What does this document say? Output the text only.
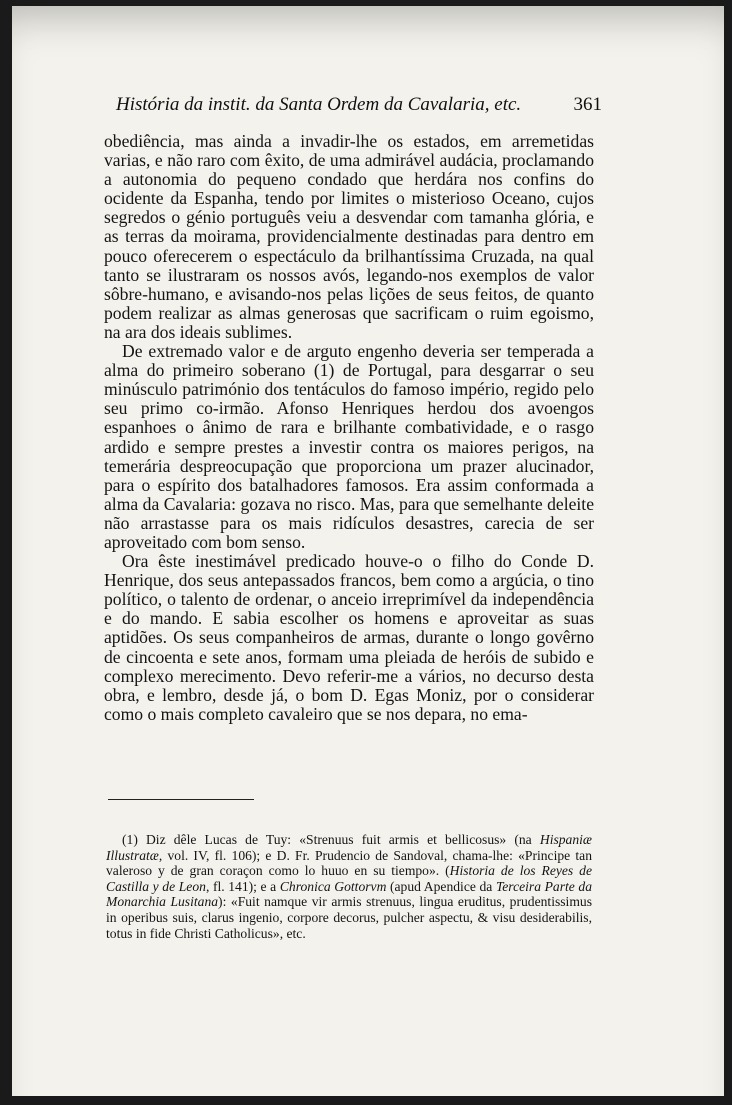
História da instit. da Santa Ordem da Cavalaria, etc.	361

obediência, mas ainda a invadir-lhe os estados, em arremetidas varias, e não raro com êxito, de uma admirável audácia, proclamando a autonomia do pequeno condado que herdára nos confins do ocidente da Espanha, tendo por limites o misterioso Oceano, cujos segredos o génio português veiu a desvendar com tamanha glória, e as terras da moirama, providencialmente destinadas para dentro em pouco oferecerem o espectáculo da brilhantíssima Cruzada, na qual tanto se ilustraram os nossos avós, legando-nos exemplos de valor sôbre-humano, e avisando-nos pelas lições de seus feitos, de quanto podem realizar as almas generosas que sacrificam o ruim egoismo, na ara dos ideais sublimes.

De extremado valor e de arguto engenho deveria ser temperada a alma do primeiro soberano (1) de Portugal, para desgarrar o seu minúsculo património dos tentáculos do famoso império, regido pelo seu primo co-irmão. Afonso Henriques herdou dos avoengos espanhoes o ânimo de rara e brilhante combatividade, e o rasgo ardido e sempre prestes a investir contra os maiores perigos, na temerária despreocupação que proporciona um prazer alucinador, para o espírito dos batalhadores famosos. Era assim conformada a alma da Cavalaria: gozava no risco. Mas, para que semelhante deleite não arrastasse para os mais ridículos desastres, carecia de ser aproveitado com bom senso.

Ora êste inestimável predicado houve-o o filho do Conde D. Henrique, dos seus antepassados francos, bem como a argúcia, o tino político, o talento de ordenar, o anceio irreprimível da independência e do mando. E sabia escolher os homens e aproveitar as suas aptidões. Os seus companheiros de armas, durante o longo govêrno de cincoenta e sete anos, formam uma pleiada de heróis de subido e complexo merecimento. Devo referir-me a vários, no decurso desta obra, e lembro, desde já, o bom D. Egas Moniz, por o considerar como o mais completo cavaleiro que se nos depara, no ema-

(1) Diz dêle Lucas de Tuy: «Strenuus fuit armis et bellicosus» (na Hispaniæ Illustratæ, vol. IV, fl. 106); e D. Fr. Prudencio de Sandoval, chama-lhe: «Principe tan valeroso y de gran coraçon como lo huuo en su tiempo». (Historia de los Reyes de Castilla y de Leon, fl. 141); e a Chronica Gottorvm (apud Apendice da Terceira Parte da Monarchia Lusitana): «Fuit namque vir armis strenuus, lingua eruditus, prudentissimus in operibus suis, clarus ingenio, corpore decorus, pulcher aspectu, & visu desiderabilis, totus in fide Christi Catholicus», etc.
